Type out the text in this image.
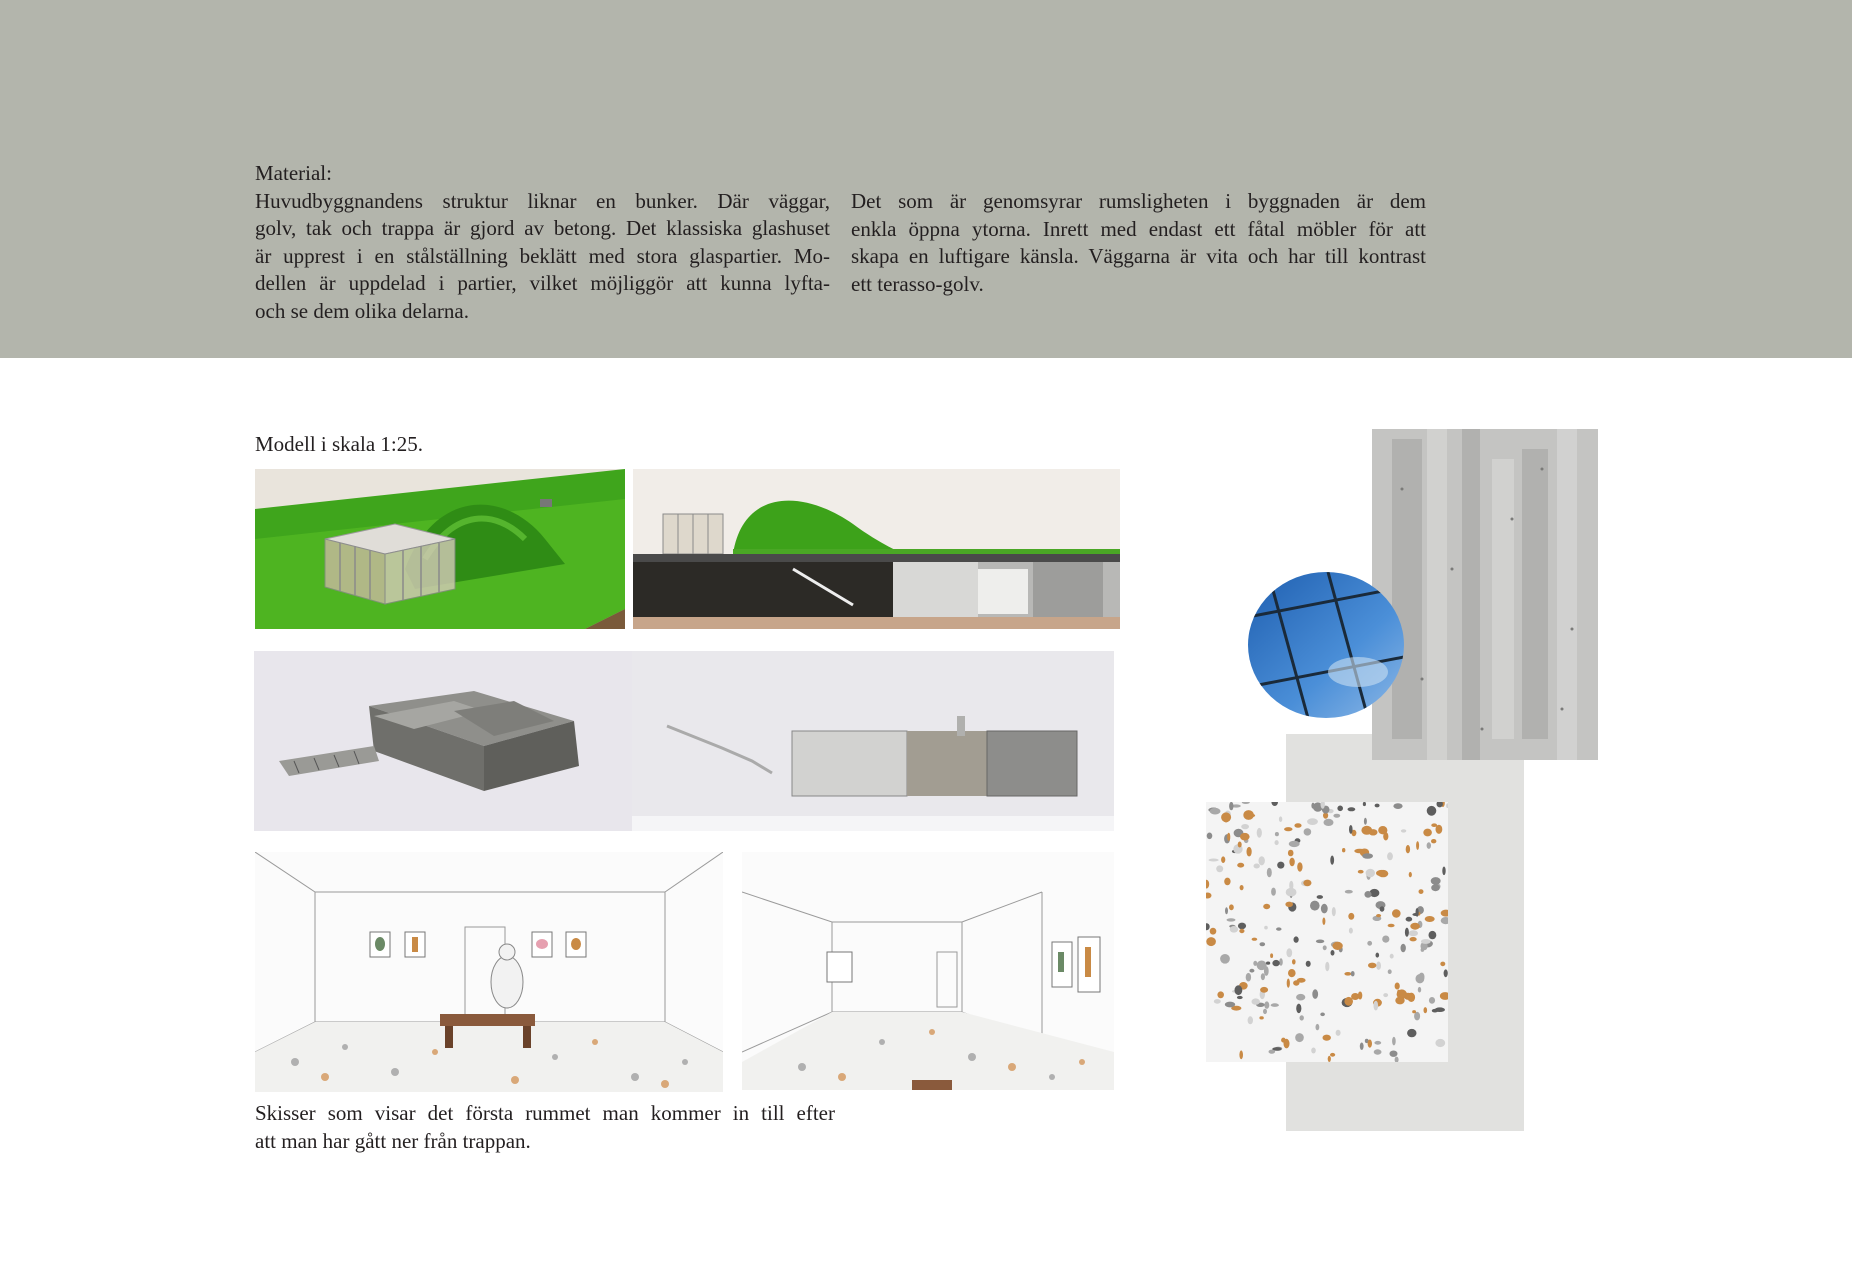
Material:

Huvudbyggnandens struktur liknar en bunker. Där väggar,

golv, tak och trappa är gjord av betong. Det klassiska glashuset

är upprest i en stålställning beklätt med stora glaspartier. Mo-

dellen är uppdelad i partier, vilket möjliggör att kunna lyfta-

och se dem olika delarna.

Det som är genomsyrar rumsligheten i byggnaden är dem

enkla öppna ytorna. Inrett med endast ett fåtal möbler för att

skapa en luftigare känsla. Väggarna är vita och har till kontrast

ett terasso-golv.

Modell i skala 1:25.
Skisser som visar det första rummet man kommer in till efter
att man har gått ner från trappan.
